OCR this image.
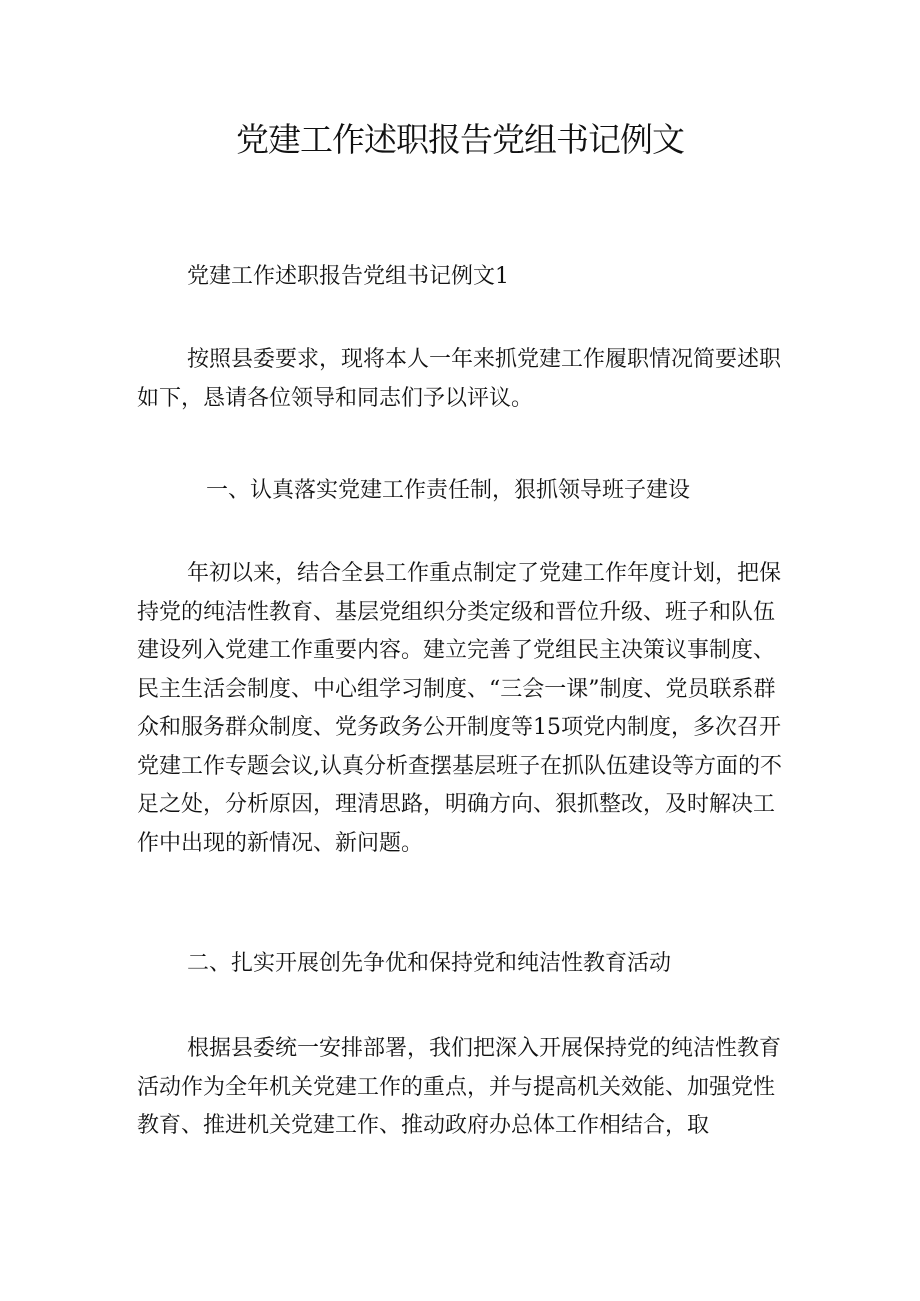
党建工作述职报告党组书记例文

党建工作述职报告党组书记例文1

按照县委要求，现将本人一年来抓党建工作履职情况简要述职如下，恳请各位领导和同志们予以评议。

一、认真落实党建工作责任制，狠抓领导班子建设

年初以来，结合全县工作重点制定了党建工作年度计划，把保持党的纯洁性教育、基层党组织分类定级和晋位升级、班子和队伍建设列入党建工作重要内容。建立完善了党组民主决策议事制度、民主生活会制度、中心组学习制度、“三会一课”制度、党员联系群众和服务群众制度、党务政务公开制度等15项党内制度，多次召开党建工作专题会议,认真分析查摆基层班子在抓队伍建设等方面的不足之处，分析原因，理清思路，明确方向、狠抓整改，及时解决工作中出现的新情况、新问题。

二、扎实开展创先争优和保持党和纯洁性教育活动

根据县委统一安排部署，我们把深入开展保持党的纯洁性教育活动作为全年机关党建工作的重点，并与提高机关效能、加强党性教育、推进机关党建工作、推动政府办总体工作相结合，取
